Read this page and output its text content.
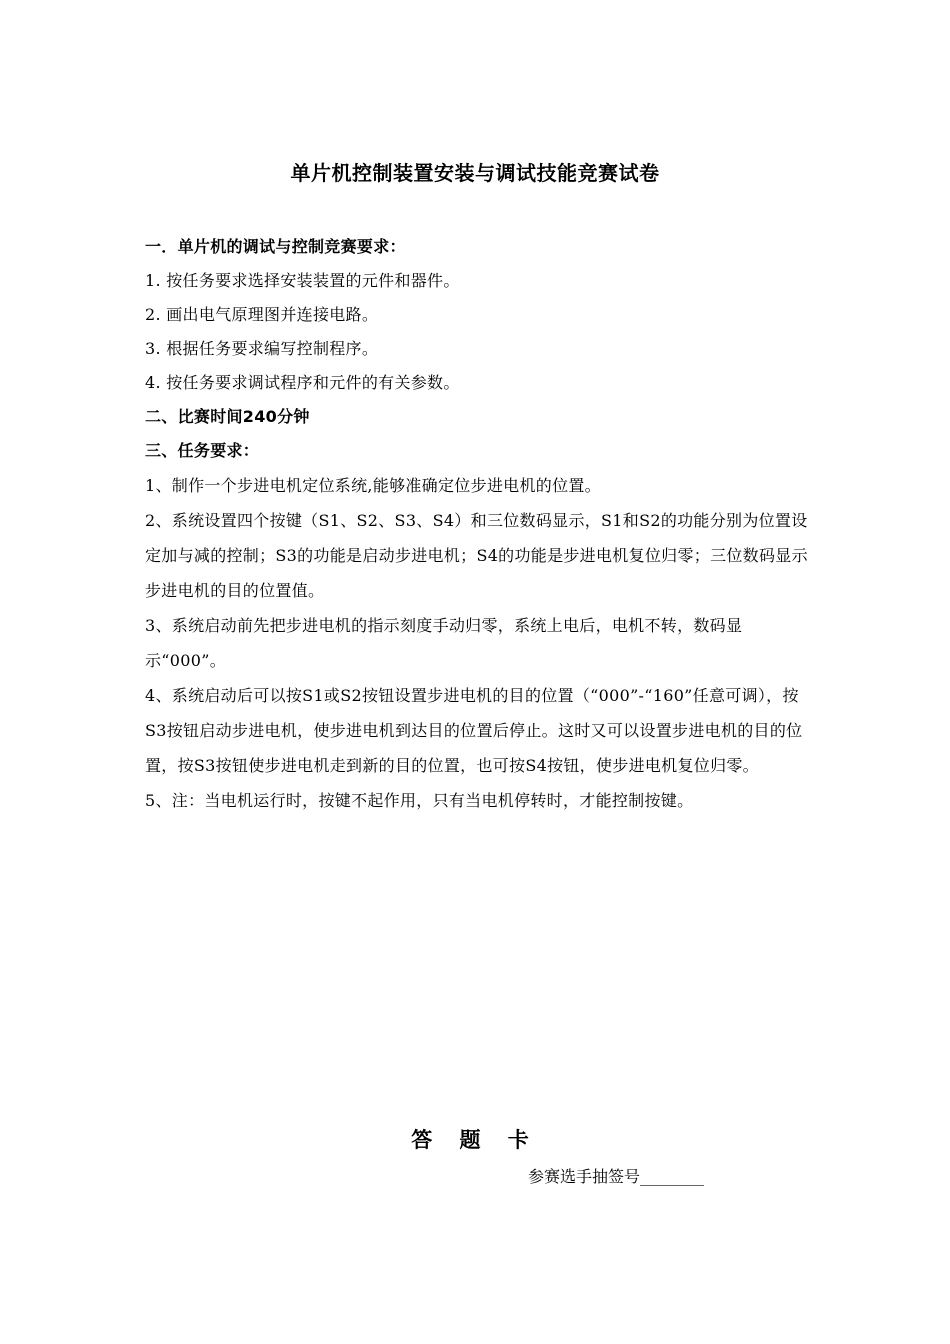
单片机控制装置安装与调试技能竞赛试卷
一．单片机的调试与控制竞赛要求：
1. 按任务要求选择安装装置的元件和器件。
2. 画出电气原理图并连接电路。
3. 根据任务要求编写控制程序。
4. 按任务要求调试程序和元件的有关参数。
二、比赛时间240分钟
三、任务要求：
1、制作一个步进电机定位系统,能够准确定位步进电机的位置。
2、系统设置四个按键（S1、S2、S3、S4）和三位数码显示，S1和S2的功能分别为位置设定加与减的控制；S3的功能是启动步进电机；S4的功能是步进电机复位归零；三位数码显示步进电机的目的位置值。
3、系统启动前先把步进电机的指示刻度手动归零，系统上电后，电机不转，数码显示“000”。
4、系统启动后可以按S1或S2按钮设置步进电机的目的位置（“000”-“160”任意可调），按S3按钮启动步进电机，使步进电机到达目的位置后停止。这时又可以设置步进电机的目的位置，按S3按钮使步进电机走到新的目的位置，也可按S4按钮，使步进电机复位归零。
5、注：当电机运行时，按键不起作用，只有当电机停转时，才能控制按键。
答 题 卡
参赛选手抽签号________
